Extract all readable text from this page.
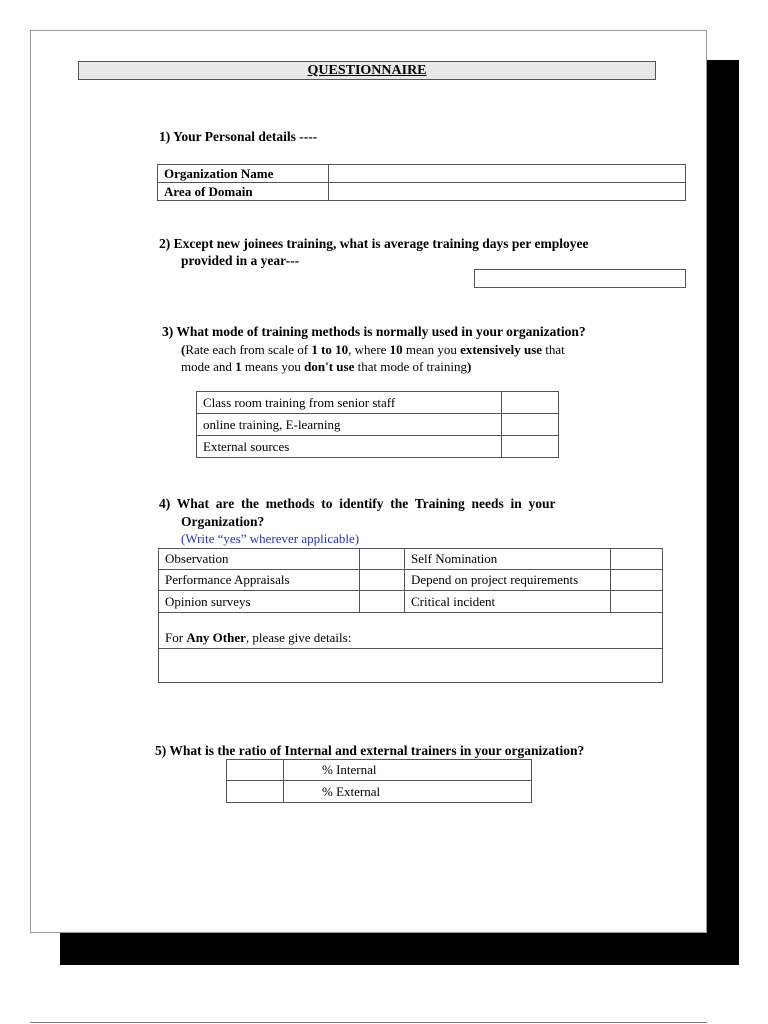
QUESTIONNAIRE
1) Your Personal details ----
Organization Name	
Area of Domain	
2) Except new joinees training, what is average training days per employee
provided in a year---
3) What mode of training methods is normally used in your organization?
(Rate each from scale of 1 to 10, where 10 mean you extensively use that
mode and 1 means you don't use that mode of training)
Class room training from senior staff	
online training, E-learning	
External sources	
4)  What  are  the  methods  to  identify  the  Training  needs  in  your
Organization?
(Write “yes” wherever applicable)
Observation		Self Nomination	
Performance Appraisals		Depend on project requirements	
Opinion surveys		Critical incident	
For Any Other, please give details:			

5) What is the ratio of Internal and external trainers in your organization?
	% Internal
	% External
